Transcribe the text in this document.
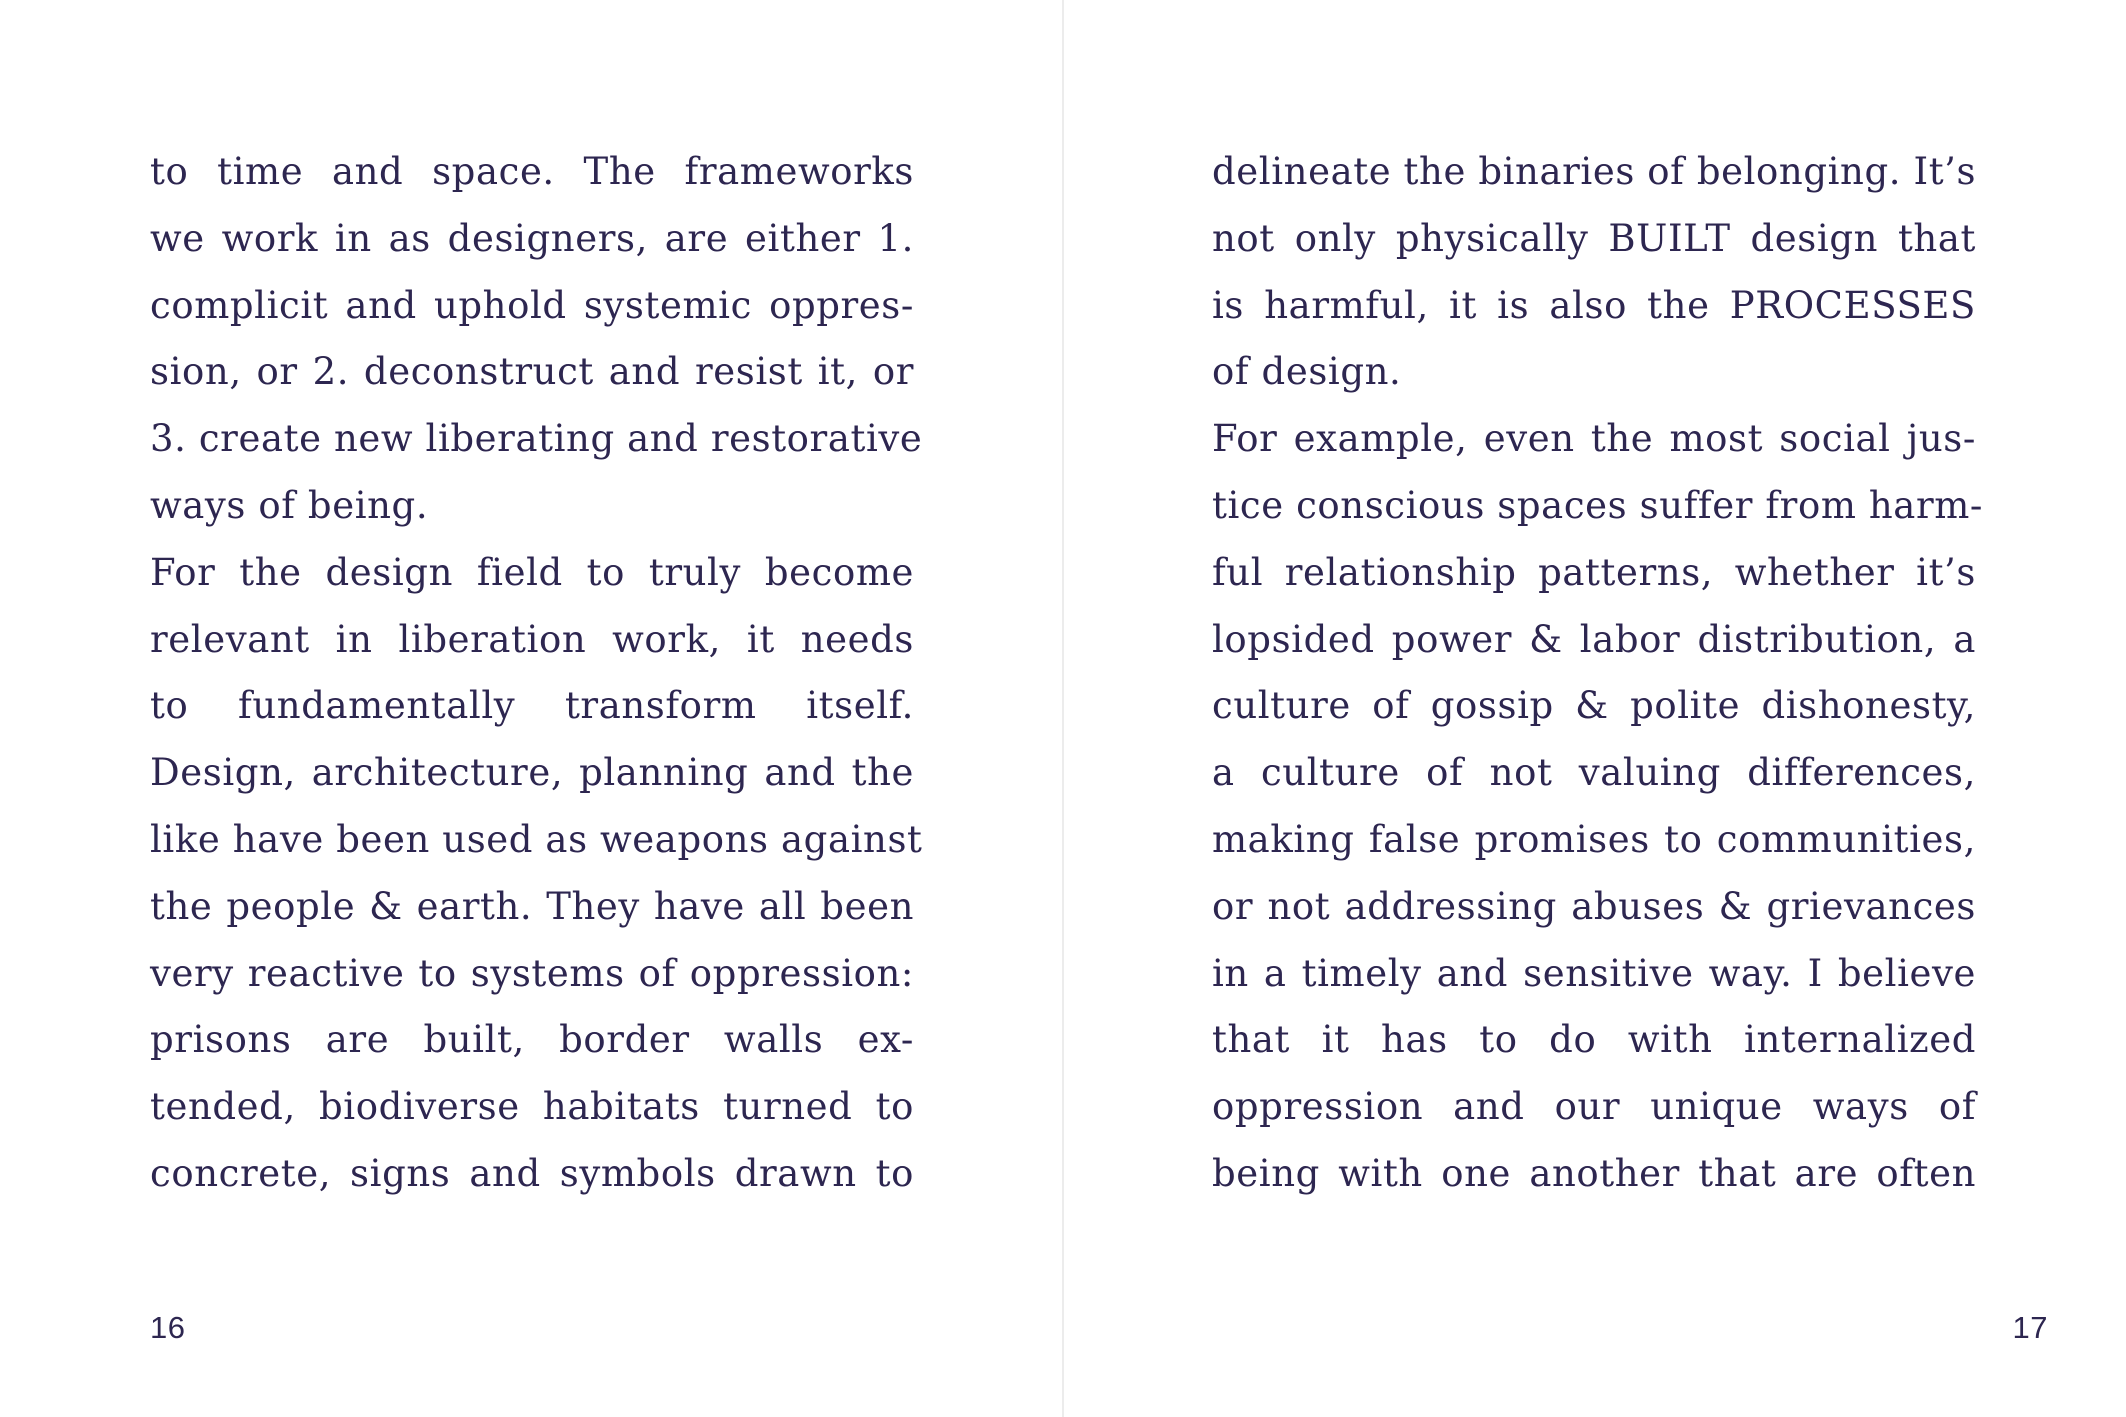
to time and space. The frameworks
we work in as designers, are either 1.
complicit and uphold systemic oppres-
sion, or 2. deconstruct and resist it, or
3. create new liberating and restorative
ways of being.
For the design field to truly become
relevant in liberation work, it needs
to fundamentally transform itself.
Design, architecture, planning and the
like have been used as weapons against
the people & earth. They have all been
very reactive to systems of oppression:
prisons are built, border walls ex-
tended, biodiverse habitats turned to
concrete, signs and symbols drawn to
16
delineate the binaries of belonging. It’s
not only physically BUILT design that
is harmful, it is also the PROCESSES
of design.
For example, even the most social jus-
tice conscious spaces suffer from harm-
ful relationship patterns, whether it’s
lopsided power & labor distribution, a
culture of gossip & polite dishonesty,
a culture of not valuing differences,
making false promises to communities,
or not addressing abuses & grievances
in a timely and sensitive way. I believe
that it has to do with internalized
oppression and our unique ways of
being with one another that are often
17
